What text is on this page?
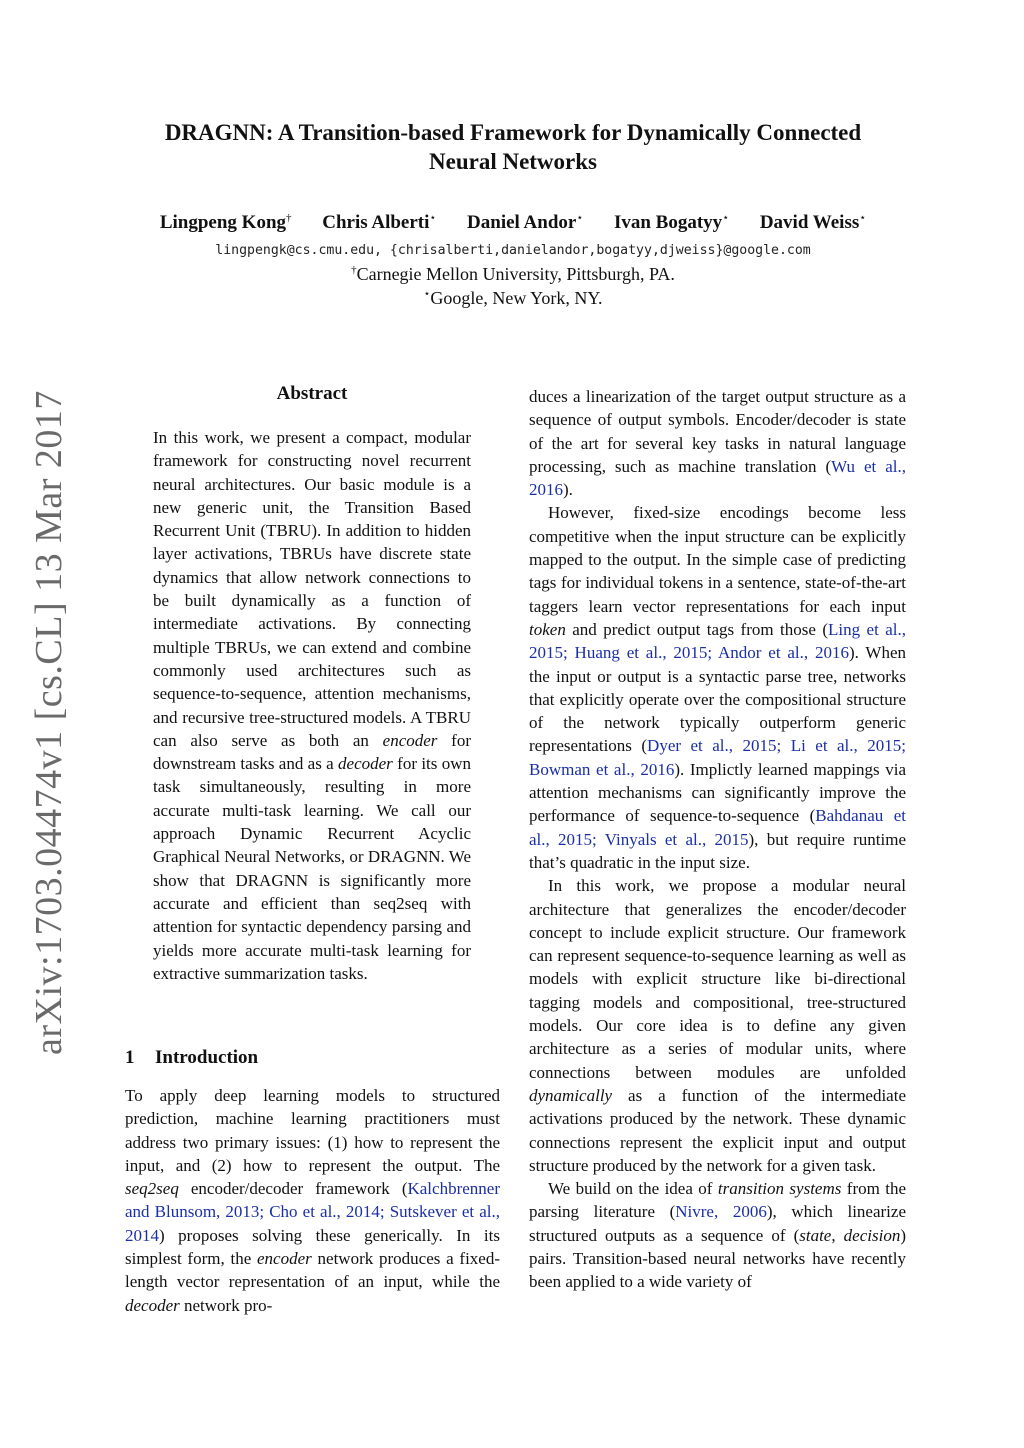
arXiv:1703.04474v1 [cs.CL] 13 Mar 2017
DRAGNN: A Transition-based Framework for Dynamically Connected
Neural Networks
Lingpeng Kong† Chris Alberti⋆ Daniel Andor⋆ Ivan Bogatyy⋆ David Weiss⋆
lingpengk@cs.cmu.edu, {chrisalberti,danielandor,bogatyy,djweiss}@google.com
†Carnegie Mellon University, Pittsburgh, PA.
⋆Google, New York, NY.
Abstract

In this work, we present a compact, modular framework for constructing novel recurrent neural architectures. Our basic module is a new generic unit, the Transition Based Recurrent Unit (TBRU). In addition to hidden layer activations, TBRUs have discrete state dynamics that allow network connections to be built dynamically as a function of intermediate activations. By connecting multiple TBRUs, we can extend and combine commonly used architectures such as sequence-to-sequence, attention mechanisms, and recursive tree-structured models. A TBRU can also serve as both an encoder for downstream tasks and as a decoder for its own task simultaneously, resulting in more accurate multi-task learning. We call our approach Dynamic Recurrent Acyclic Graphical Neural Networks, or DRAGNN. We show that DRAGNN is significantly more accurate and efficient than seq2seq with attention for syntactic dependency parsing and yields more accurate multi-task learning for extractive summarization tasks.

1 Introduction

To apply deep learning models to structured prediction, machine learning practitioners must address two primary issues: (1) how to represent the input, and (2) how to represent the output. The seq2seq encoder/decoder framework (Kalchbrenner and Blunsom, 2013; Cho et al., 2014; Sutskever et al., 2014) proposes solving these generically. In its simplest form, the encoder network produces a fixed-length vector representation of an input, while the decoder network pro-

duces a linearization of the target output structure as a sequence of output symbols. Encoder/decoder is state of the art for several key tasks in natural language processing, such as machine translation (Wu et al., 2016).

However, fixed-size encodings become less competitive when the input structure can be explicitly mapped to the output. In the simple case of predicting tags for individual tokens in a sentence, state-of-the-art taggers learn vector representations for each input token and predict output tags from those (Ling et al., 2015; Huang et al., 2015; Andor et al., 2016). When the input or output is a syntactic parse tree, networks that explicitly operate over the compositional structure of the network typically outperform generic representations (Dyer et al., 2015; Li et al., 2015; Bowman et al., 2016). Implictly learned mappings via attention mechanisms can significantly improve the performance of sequence-to-sequence (Bahdanau et al., 2015; Vinyals et al., 2015), but require runtime that’s quadratic in the input size.

In this work, we propose a modular neural architecture that generalizes the encoder/decoder concept to include explicit structure. Our framework can represent sequence-to-sequence learning as well as models with explicit structure like bi-directional tagging models and compositional, tree-structured models. Our core idea is to define any given architecture as a series of modular units, where connections between modules are unfolded dynamically as a function of the intermediate activations produced by the network. These dynamic connections represent the explicit input and output structure produced by the network for a given task.

We build on the idea of transition systems from the parsing literature (Nivre, 2006), which linearize structured outputs as a sequence of (state, decision) pairs. Transition-based neural networks have recently been applied to a wide variety of
